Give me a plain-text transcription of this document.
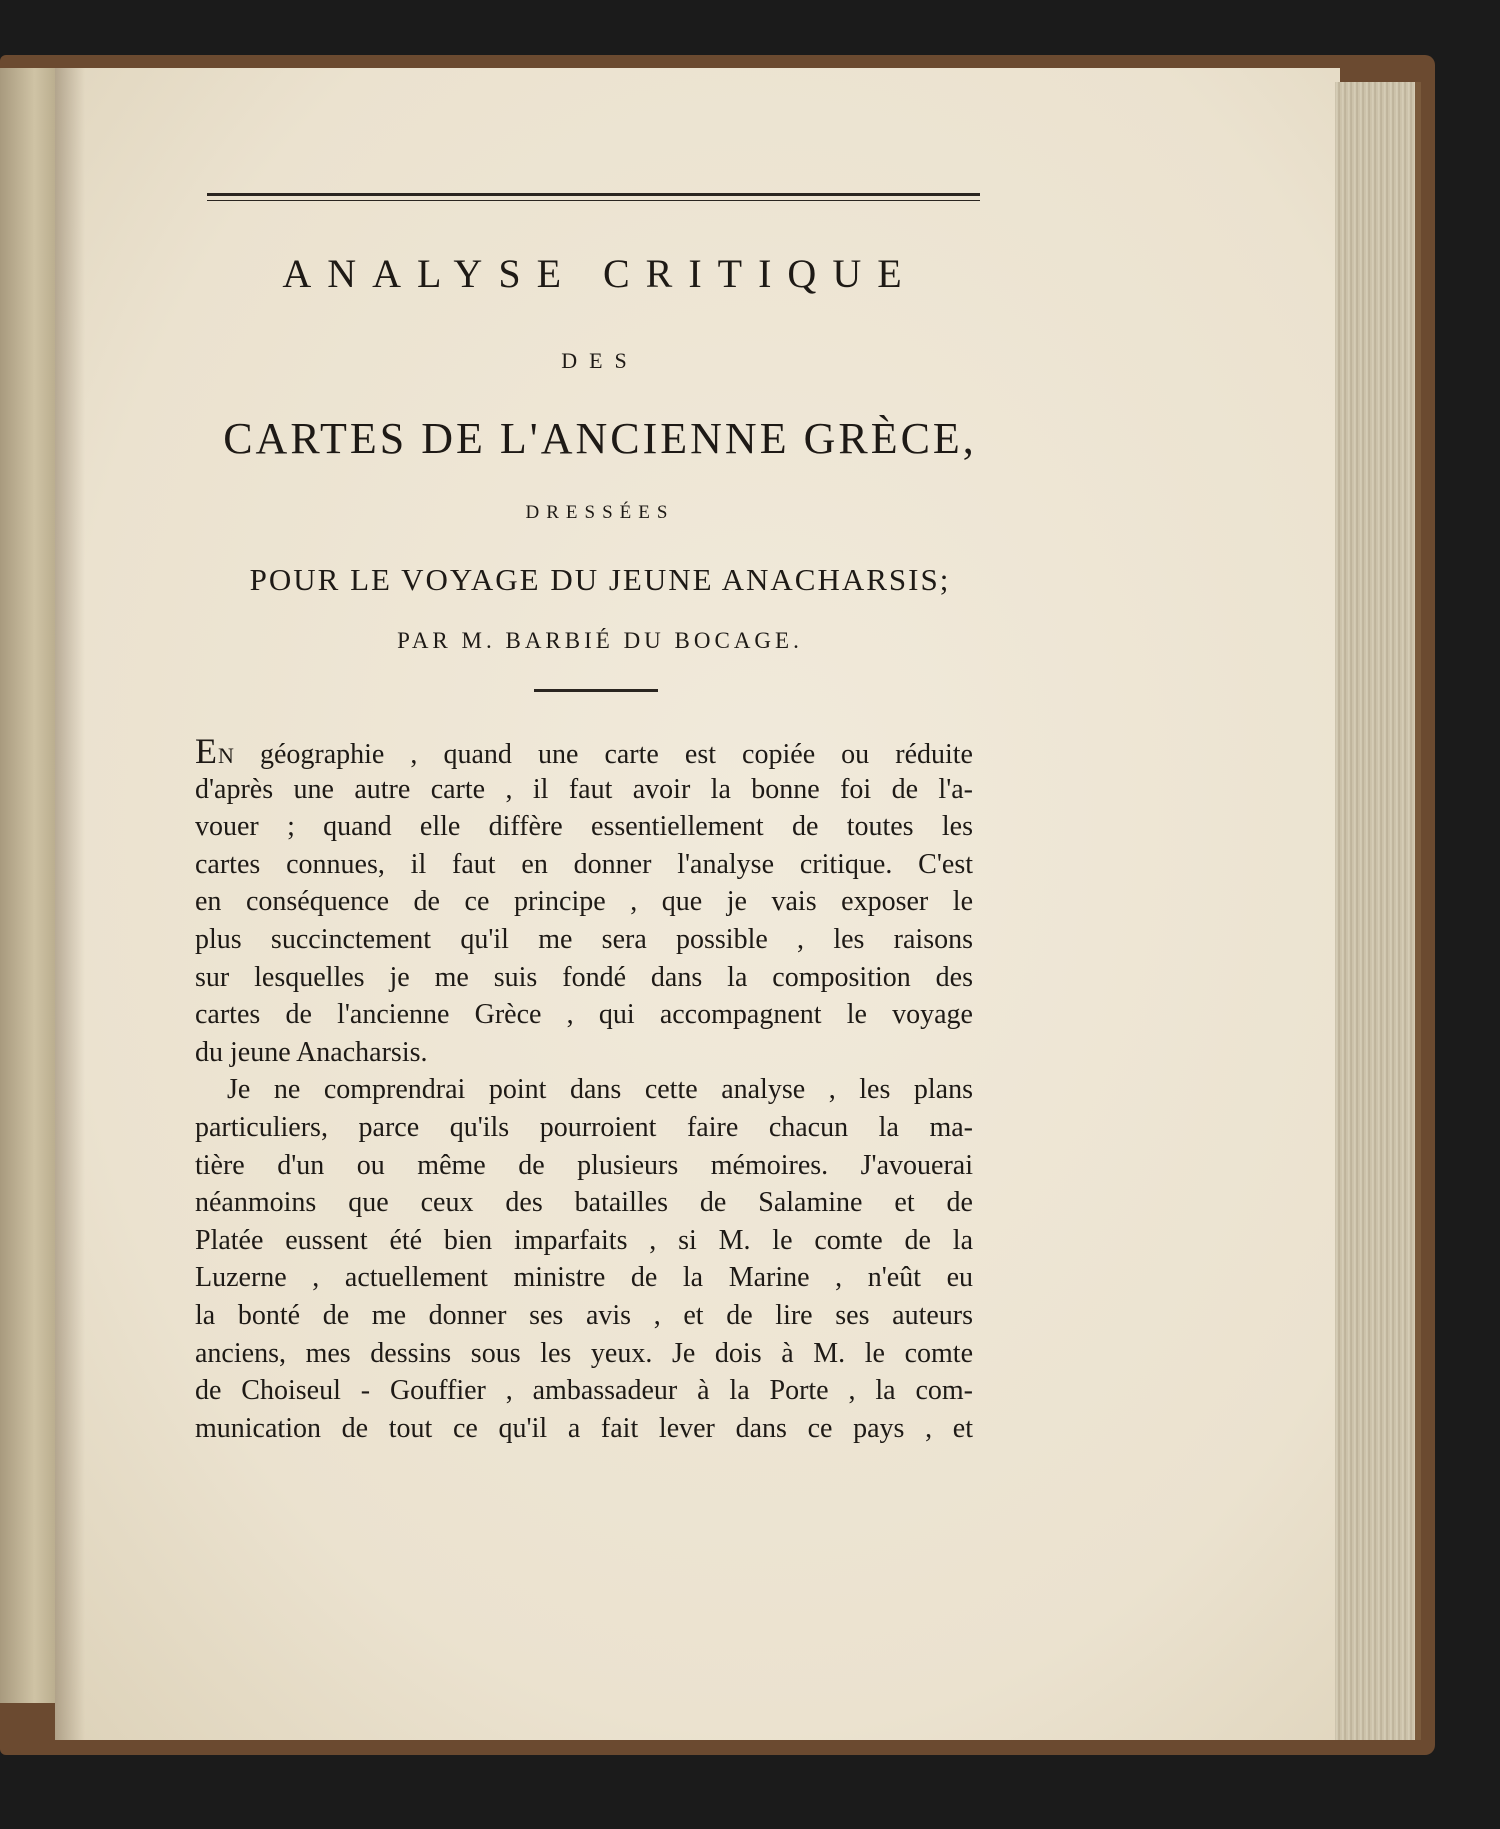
ANALYSE CRITIQUE
DES
CARTES DE L'ANCIENNE GRÈCE,
DRESSÉES
POUR LE VOYAGE DU JEUNE ANACHARSIS;
PAR M. BARBIÉ DU BOCAGE.
EN géographie , quand une carte est copiée ou réduite
d'après une autre carte , il faut avoir la bonne foi de l'a-
vouer ; quand elle diffère essentiellement de toutes les
cartes connues, il faut en donner l'analyse critique. C'est
en conséquence de ce principe , que je vais exposer le
plus succinctement qu'il me sera possible , les raisons
sur lesquelles je me suis fondé dans la composition des
cartes de l'ancienne Grèce , qui accompagnent le voyage
du jeune Anacharsis.
Je ne comprendrai point dans cette analyse , les plans
particuliers, parce qu'ils pourroient faire chacun la ma-
tière d'un ou même de plusieurs mémoires. J'avouerai
néanmoins que ceux des batailles de Salamine et de
Platée eussent été bien imparfaits , si M. le comte de la
Luzerne , actuellement ministre de la Marine , n'eût eu
la bonté de me donner ses avis , et de lire ses auteurs
anciens, mes dessins sous les yeux. Je dois à M. le comte
de Choiseul - Gouffier , ambassadeur à la Porte , la com-
munication de tout ce qu'il a fait lever dans ce pays , et
